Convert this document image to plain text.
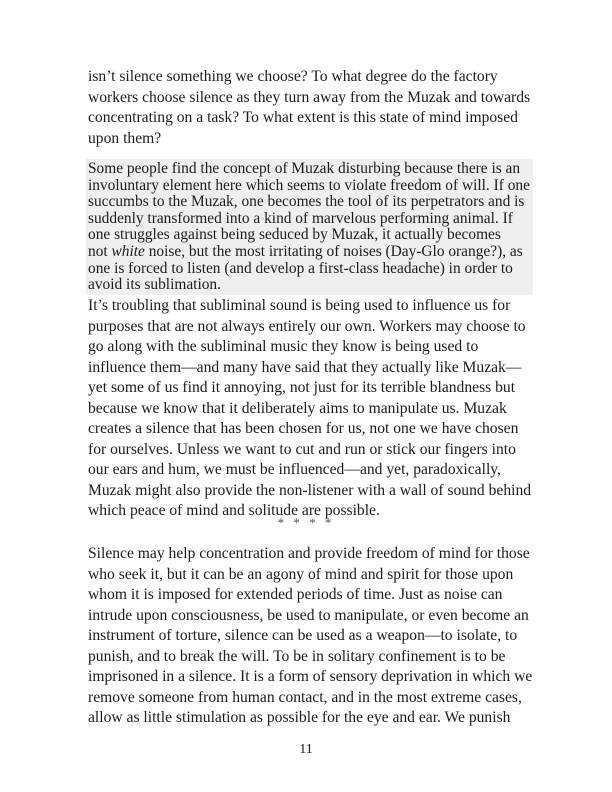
isn’t silence something we choose? To what degree do the factory
workers choose silence as they turn away from the Muzak and towards
concentrating on a task? To what extent is this state of mind imposed
upon them?

Some people find the concept of Muzak disturbing because there is an
involuntary element here which seems to violate freedom of will. If one
succumbs to the Muzak, one becomes the tool of its perpetrators and is
suddenly transformed into a kind of marvelous performing animal. If
one struggles against being seduced by Muzak, it actually becomes
not white noise, but the most irritating of noises (Day-Glo orange?), as
one is forced to listen (and develop a first-class headache) in order to
avoid its sublimation.

It’s troubling that subliminal sound is being used to influence us for
purposes that are not always entirely our own. Workers may choose to
go along with the subliminal music they know is being used to
influence them—and many have said that they actually like Muzak—
yet some of us find it annoying, not just for its terrible blandness but
because we know that it deliberately aims to manipulate us. Muzak
creates a silence that has been chosen for us, not one we have chosen
for ourselves. Unless we want to cut and run or stick our fingers into
our ears and hum, we must be influenced—and yet, paradoxically,
Muzak might also provide the non-listener with a wall of sound behind
which peace of mind and solitude are possible.

* * * *

Silence may help concentration and provide freedom of mind for those
who seek it, but it can be an agony of mind and spirit for those upon
whom it is imposed for extended periods of time. Just as noise can
intrude upon consciousness, be used to manipulate, or even become an
instrument of torture, silence can be used as a weapon—to isolate, to
punish, and to break the will. To be in solitary confinement is to be
imprisoned in a silence. It is a form of sensory deprivation in which we
remove someone from human contact, and in the most extreme cases,
allow as little stimulation as possible for the eye and ear. We punish

11
